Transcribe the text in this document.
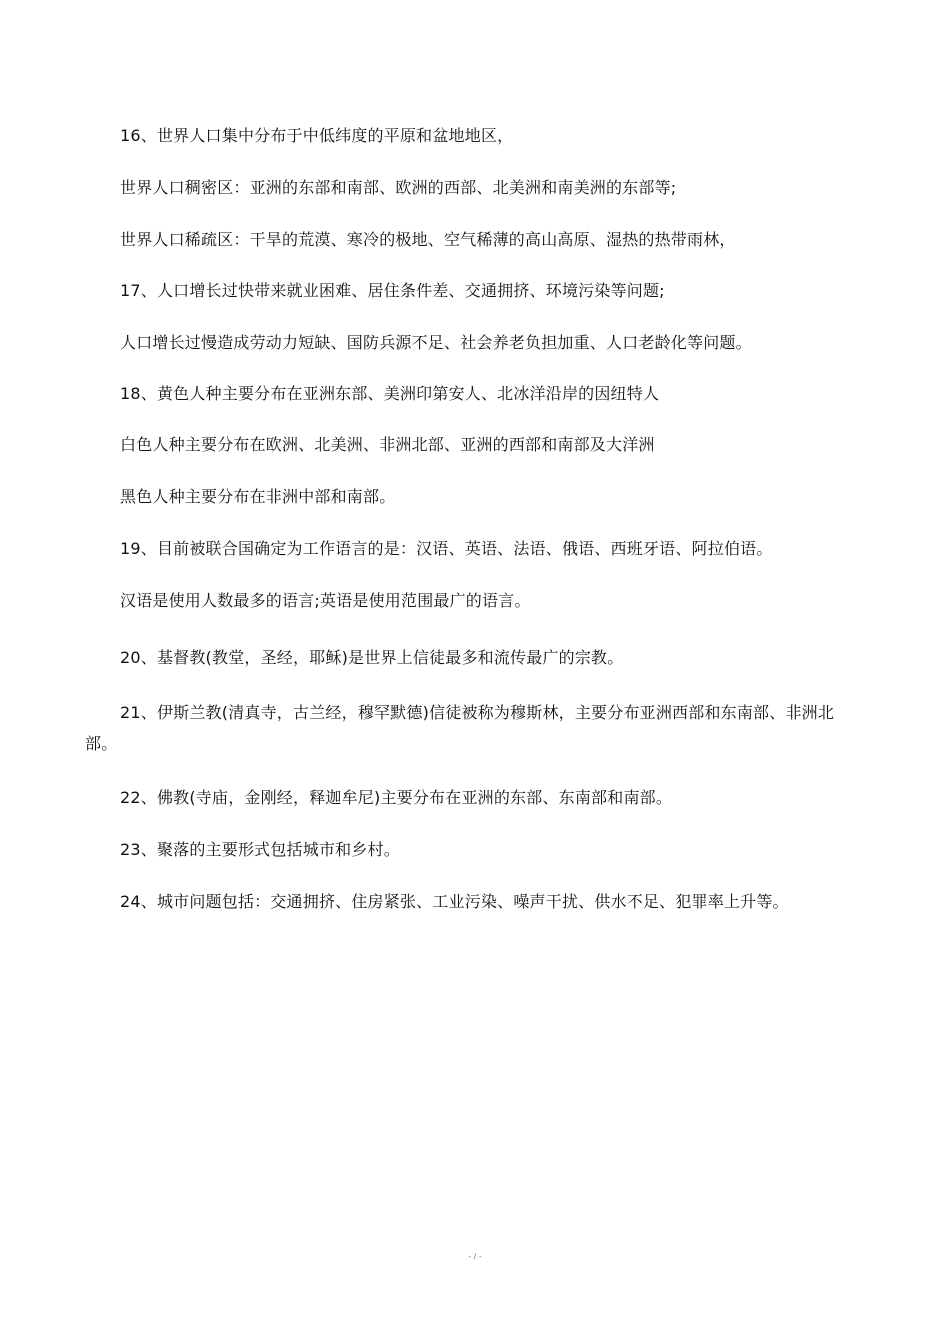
16、世界人口集中分布于中低纬度的平原和盆地地区，
世界人口稠密区：亚洲的东部和南部、欧洲的西部、北美洲和南美洲的东部等;
世界人口稀疏区：干旱的荒漠、寒冷的极地、空气稀薄的高山高原、湿热的热带雨林，
17、人口增长过快带来就业困难、居住条件差、交通拥挤、环境污染等问题;
人口增长过慢造成劳动力短缺、国防兵源不足、社会养老负担加重、人口老龄化等问题。
18、黄色人种主要分布在亚洲东部、美洲印第安人、北冰洋沿岸的因纽特人
白色人种主要分布在欧洲、北美洲、非洲北部、亚洲的西部和南部及大洋洲
黑色人种主要分布在非洲中部和南部。
19、目前被联合国确定为工作语言的是：汉语、英语、法语、俄语、西班牙语、阿拉伯语。
汉语是使用人数最多的语言;英语是使用范围最广的语言。
20、基督教(教堂，圣经，耶稣)是世界上信徒最多和流传最广的宗教。
21、伊斯兰教(清真寺，古兰经，穆罕默德)信徒被称为穆斯林，主要分布亚洲西部和东南部、非洲北部。
22、佛教(寺庙，金刚经，释迦牟尼)主要分布在亚洲的东部、东南部和南部。
23、聚落的主要形式包括城市和乡村。
24、城市问题包括：交通拥挤、住房紧张、工业污染、噪声干扰、供水不足、犯罪率上升等。
- / -
